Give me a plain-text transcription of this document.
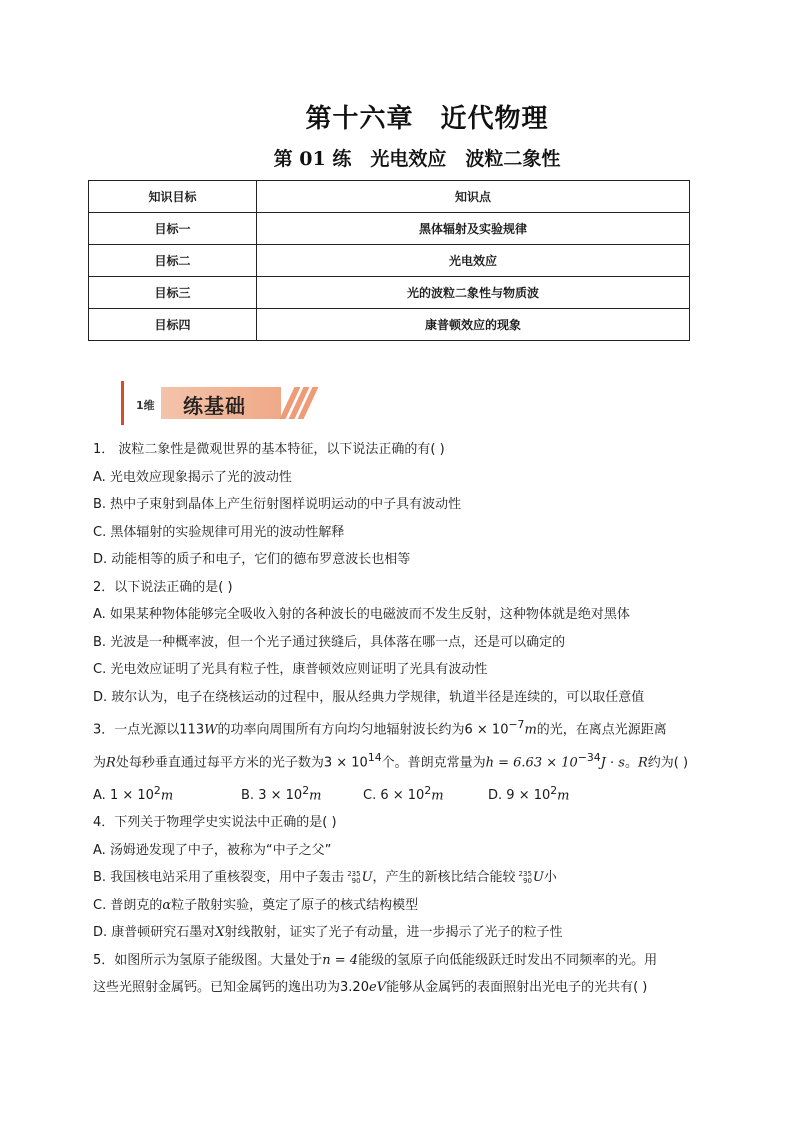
第十六章　近代物理
第 01 练　光电效应　波粒二象性
知识目标	知识点
目标一	黑体辐射及实验规律
目标二	光电效应
目标三	光的波粒二象性与物质波
目标四	康普顿效应的现象
1维 练基础
1． 波粒二象性是微观世界的基本特征，以下说法正确的有( )
A. 光电效应现象揭示了光的波动性
B. 热中子束射到晶体上产生衍射图样说明运动的中子具有波动性
C. 黑体辐射的实验规律可用光的波动性解释
D. 动能相等的质子和电子，它们的德布罗意波长也相等
2．以下说法正确的是( )
A. 如果某种物体能够完全吸收入射的各种波长的电磁波而不发生反射，这种物体就是绝对黑体
B. 光波是一种概率波，但一个光子通过狭缝后，具体落在哪一点，还是可以确定的
C. 光电效应证明了光具有粒子性，康普顿效应则证明了光具有波动性
D. 玻尔认为，电子在绕核运动的过程中，服从经典力学规律，轨道半径是连续的，可以取任意值
3．一点光源以113W的功率向周围所有方向均匀地辐射波长约为$6 \times 10^{-7}m$的光，在离点光源距离
为R处每秒垂直通过每平方米的光子数为$3 \times 10^{14}$个。普朗克常量为$h = 6.63 \times 10^{-34}J \cdot s$。R约为( )
A. $1 \times 10^2m$	B. $3 \times 10^2m$	C. $6 \times 10^2m$	D. $9 \times 10^2m$
4．下列关于物理学史实说法中正确的是( )
A. 汤姆逊发现了中子，被称为“中子之父”
B. 我国核电站采用了重核裂变，用中子轰击 235
90U，产生的新核比结合能较 235
90U小
C. 普朗克的α粒子散射实验，奠定了原子的核式结构模型
D. 康普顿研究石墨对X射线散射，证实了光子有动量，进一步揭示了光子的粒子性
5．如图所示为氢原子能级图。大量处于n = 4能级的氢原子向低能级跃迁时发出不同频率的光。用
这些光照射金属钙。已知金属钙的逸出功为3.20eV能够从金属钙的表面照射出光电子的光共有( )
